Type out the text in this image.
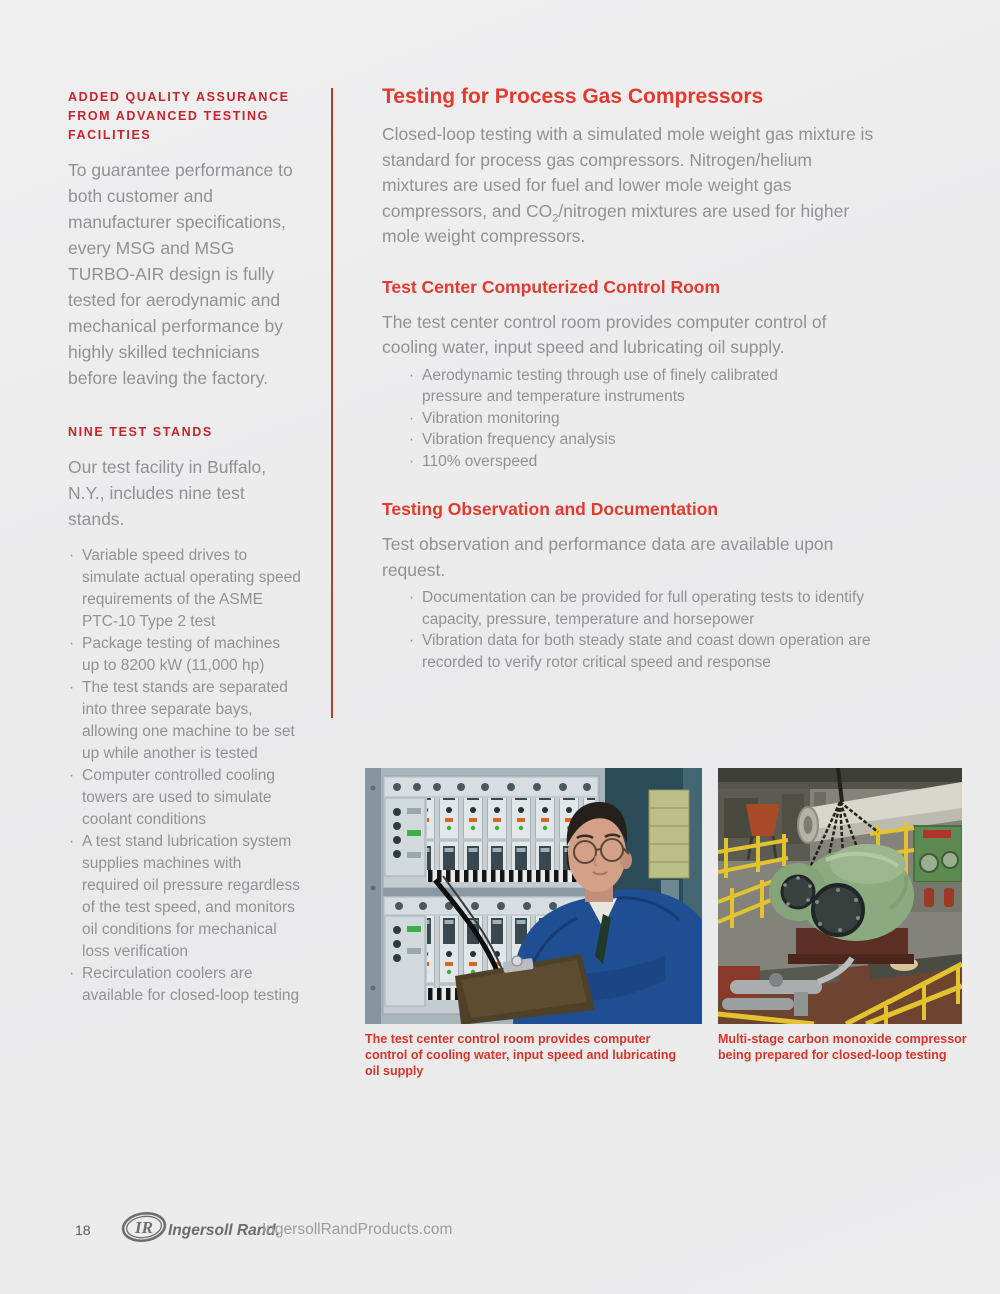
ADDED QUALITY ASSURANCE FROM ADVANCED TESTING FACILITIES

To guarantee performance to both customer and manufacturer specifications, every MSG and MSG TURBO-AIR design is fully tested for aerodynamic and mechanical performance by highly skilled technicians before leaving the factory.

NINE TEST STANDS

Our test facility in Buffalo, N.Y., includes nine test stands.

· Variable speed drives to simulate actual operating speed requirements of the ASME PTC-10 Type 2 test
· Package testing of machines up to 8200 kW (11,000 hp)
· The test stands are separated into three separate bays, allowing one machine to be set up while another is tested
· Computer controlled cooling towers are used to simulate coolant conditions
· A test stand lubrication system supplies machines with required oil pressure regardless of the test speed, and monitors oil conditions for mechanical loss verification
· Recirculation coolers are available for closed-loop testing
Testing for Process Gas Compressors

Closed-loop testing with a simulated mole weight gas mixture is standard for process gas compressors. Nitrogen/helium mixtures are used for fuel and lower mole weight gas compressors, and $CO_2$/nitrogen mixtures are used for higher mole weight compressors.

Test Center Computerized Control Room

The test center control room provides computer control of cooling water, input speed and lubricating oil supply.

· Aerodynamic testing through use of finely calibrated pressure and temperature instruments
· Vibration monitoring
· Vibration frequency analysis
· 110% overspeed
Testing Observation and Documentation

Test observation and performance data are available upon request.

· Documentation can be provided for full operating tests to identify capacity, pressure, temperature and horsepower
· Vibration data for both steady state and coast down operation are recorded to verify rotor critical speed and response
The test center control room provides computer control of cooling water, input speed and lubricating oil supply
Multi-stage carbon monoxide compressor being prepared for closed-loop testing
18	IR Ingersoll Rand.
IngersollRandProducts.com
